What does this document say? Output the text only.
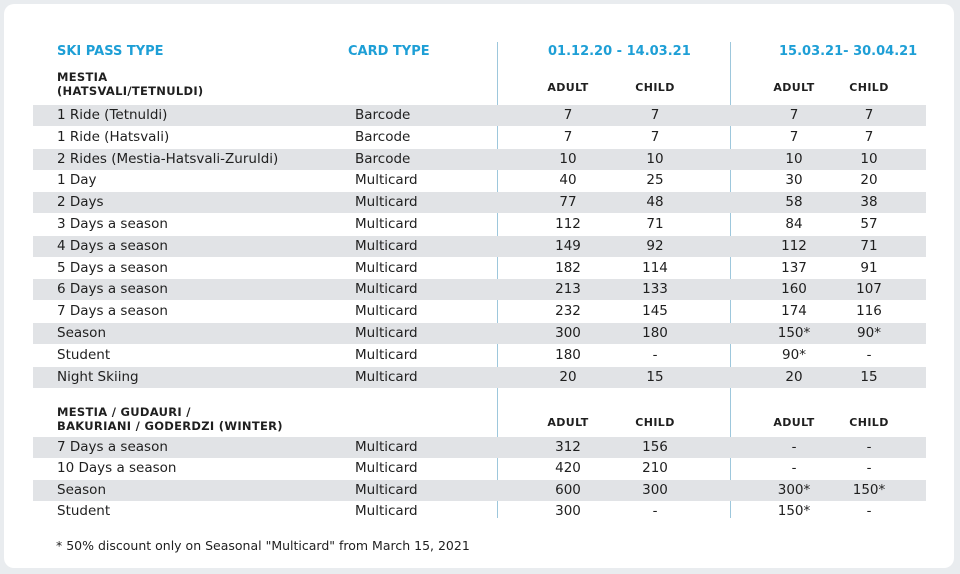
SKI PASS TYPE	CARD TYPE	01.12.20 - 14.03.21	15.03.21- 30.04.21
MESTIA
(HATSVALI/TETNULDI)	ADULT	CHILD	ADULT	CHILD
1 Ride (Tetnuldi)	Barcode	7	7	7	7
1 Ride (Hatsvali)	Barcode	7	7	7	7
2 Rides (Mestia-Hatsvali-Zuruldi)	Barcode	10	10	10	10
1 Day	Multicard	40	25	30	20
2 Days	Multicard	77	48	58	38
3 Days a season	Multicard	112	71	84	57
4 Days a season	Multicard	149	92	112	71
5 Days a season	Multicard	182	114	137	91
6 Days a season	Multicard	213	133	160	107
7 Days a season	Multicard	232	145	174	116
Season	Multicard	300	180	150*	90*
Student	Multicard	180	-	90*	-
Night Skiing	Multicard	20	15	20	15
MESTIA / GUDAURI /
BAKURIANI / GODERDZI (WINTER)	ADULT	CHILD	ADULT	CHILD
7 Days a season	Multicard	312	156	-	-
10 Days a season	Multicard	420	210	-	-
Season	Multicard	600	300	300*	150*
Student	Multicard	300	-	150*	-
* 50% discount only on Seasonal "Multicard" from March 15, 2021
